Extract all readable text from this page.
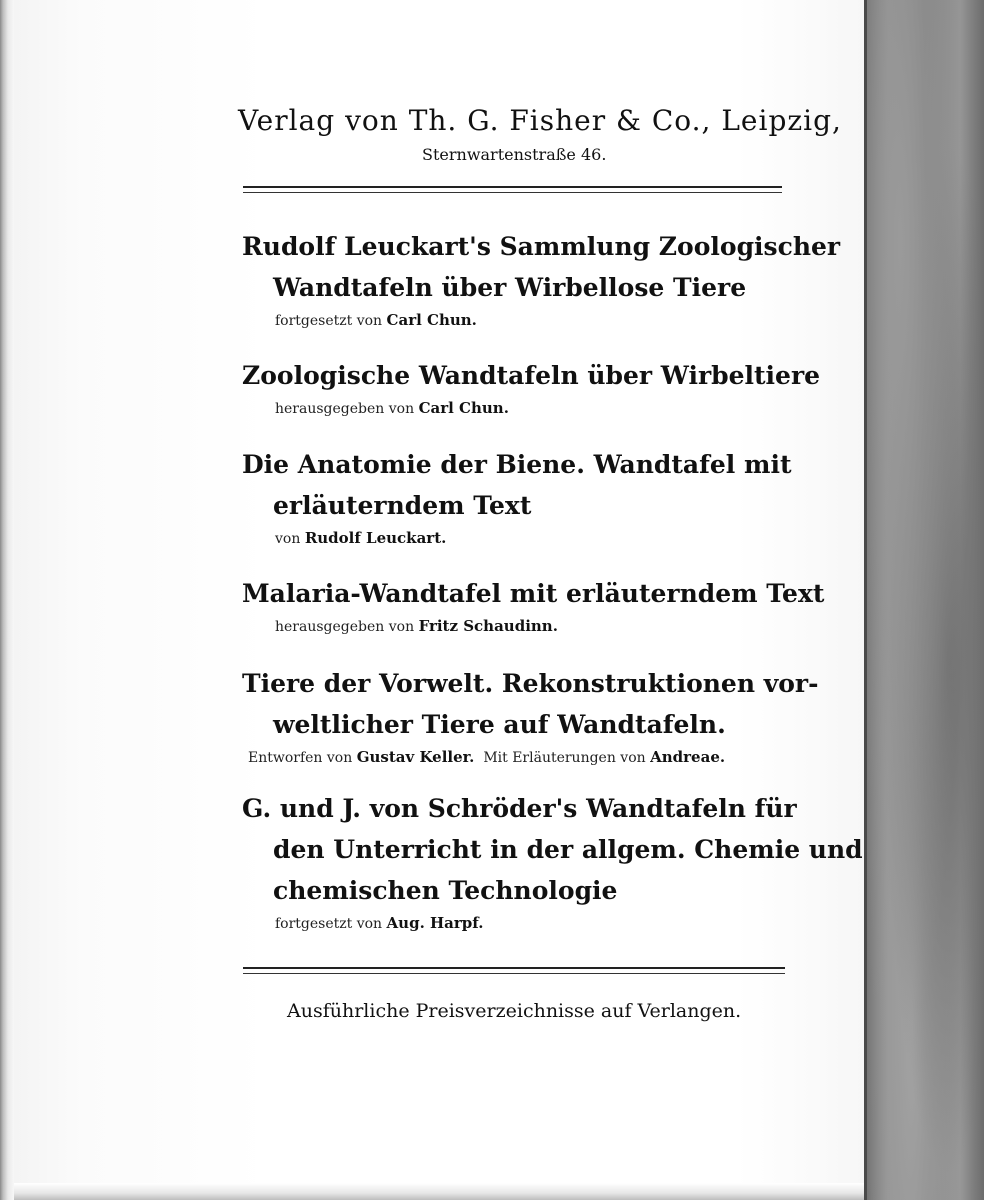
Verlag von Th. G. Fisher & Co., Leipzig,
Sternwartenstraße 46.
Rudolf Leuckart's Sammlung Zoologischer
Wandtafeln über Wirbellose Tiere
fortgesetzt von Carl Chun.
Zoologische Wandtafeln über Wirbeltiere
herausgegeben von Carl Chun.
Die Anatomie der Biene. Wandtafel mit
erläuterndem Text
von Rudolf Leuckart.
Malaria-Wandtafel mit erläuterndem Text
herausgegeben von Fritz Schaudinn.
Tiere der Vorwelt. Rekonstruktionen vor-
weltlicher Tiere auf Wandtafeln.
Entworfen von Gustav Keller. Mit Erläuterungen von Andreae.
G. und J. von Schröder's Wandtafeln für
den Unterricht in der allgem. Chemie und
chemischen Technologie
fortgesetzt von Aug. Harpf.
Ausführliche Preisverzeichnisse auf Verlangen.
